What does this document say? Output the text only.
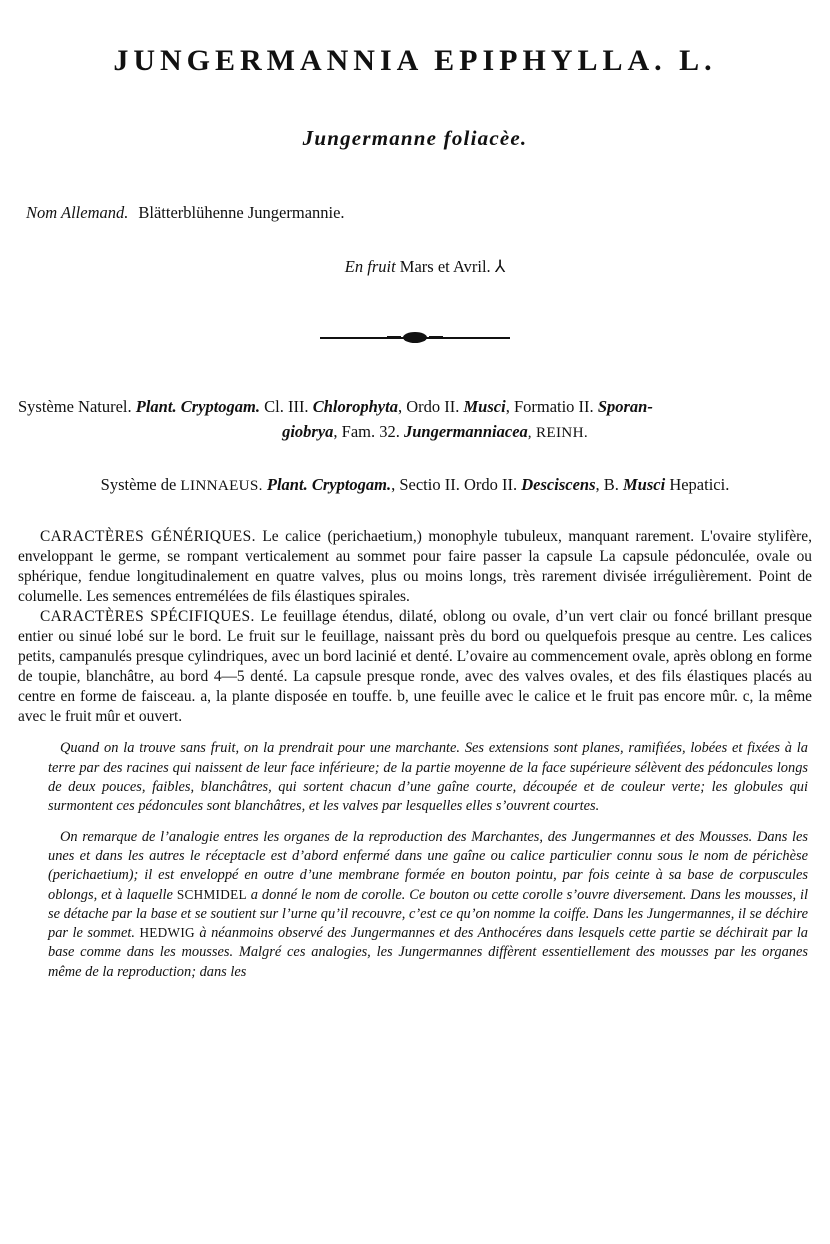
JUNGERMANNIA EPIPHYLLA. L.
Jungermanne foliacèe.
Nom Allemand. Blätterblühenne Jungermannie.
En fruit Mars et Avril. ⅄
Système Naturel. Plant. Cryptogam. Cl. III. Chlorophyta, Ordo II. Musci, Formatio II. Sporan-
giobrya, Fam. 32. Jungermanniacea, REINH.
Système de LINNAEUS. Plant. Cryptogam., Sectio II. Ordo II. Desciscens, B. Musci Hepatici.

CARACTÈRES GÉNÉRIQUES. Le calice (perichaetium,) monophyle tubuleux, manquant rarement. L'ovaire stylifère, enveloppant le germe, se rompant verticalement au sommet pour faire passer la capsule La capsule pédonculée, ovale ou sphérique, fendue longitudinalement en quatre valves, plus ou moins longs, très rarement divisée irrégulièrement. Point de columelle. Les semences entremélées de fils élastiques spirales.

CARACTÈRES SPÉCIFIQUES. Le feuillage étendus, dilaté, oblong ou ovale, d’un vert clair ou foncé brillant presque entier ou sinué lobé sur le bord. Le fruit sur le feuillage, naissant près du bord ou quelquefois presque au centre. Les calices petits, campanulés presque cylindriques, avec un bord lacinié et denté. L’ovaire au commencement ovale, après oblong en forme de toupie, blanchâtre, au bord 4—5 denté. La capsule presque ronde, avec des valves ovales, et des fils élastiques placés au centre en forme de faisceau. a, la plante disposée en touffe. b, une feuille avec le calice et le fruit pas encore mûr. c, la même avec le fruit mûr et ouvert.

Quand on la trouve sans fruit, on la prendrait pour une marchante. Ses extensions sont planes, ramifiées, lobées et fixées à la terre par des racines qui naissent de leur face inférieure; de la partie moyenne de la face supérieure sélèvent des pédoncules longs de deux pouces, faibles, blanchâtres, qui sortent chacun d’une gaîne courte, découpée et de couleur verte; les globules qui surmontent ces pédoncules sont blanchâtres, et les valves par lesquelles elles s’ouvrent courtes.

On remarque de l’analogie entres les organes de la reproduction des Marchantes, des Jungermannes et des Mousses. Dans les unes et dans les autres le réceptacle est d’abord enfermé dans une gaîne ou calice particulier connu sous le nom de périchèse (perichaetium); il est enveloppé en outre d’une membrane formée en bouton pointu, par fois ceinte à sa base de corpuscules oblongs, et à laquelle SCHMIDEL a donné le nom de corolle. Ce bouton ou cette corolle s’ouvre diversement. Dans les mousses, il se détache par la base et se soutient sur l’urne qu’il recouvre, c’est ce qu’on nomme la coiffe. Dans les Jungermannes, il se déchire par le sommet. HEDWIG à néanmoins observé des Jungermannes et des Anthocéres dans lesquels cette partie se déchirait par la base comme dans les mousses. Malgré ces analogies, les Jungermannes diffèrent essentiellement des mousses par les organes même de la reproduction; dans les
